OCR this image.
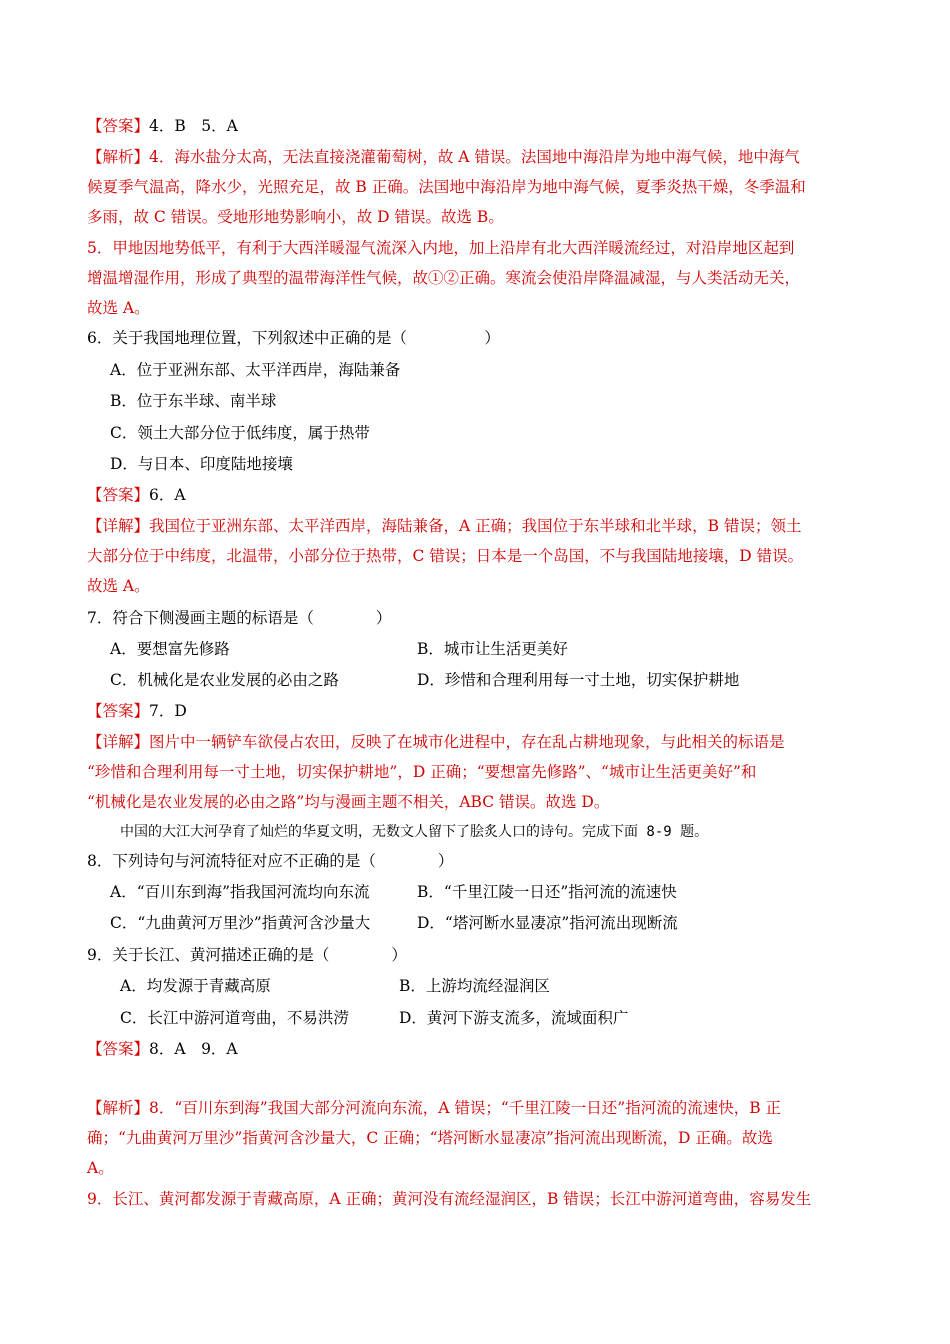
【答案】4．B　5．A
【解析】4．海水盐分太高，无法直接浇灌葡萄树，故 A 错误。法国地中海沿岸为地中海气候，地中海气
候夏季气温高，降水少，光照充足，故 B 正确。法国地中海沿岸为地中海气候，夏季炎热干燥，冬季温和
多雨，故 C 错误。受地形地势影响小，故 D 错误。故选 B。
5．甲地因地势低平，有利于大西洋暖湿气流深入内地，加上沿岸有北大西洋暖流经过，对沿岸地区起到
增温增湿作用，形成了典型的温带海洋性气候，故①②正确。寒流会使沿岸降温减湿，与人类活动无关，
故选 A。
6．关于我国地理位置，下列叙述中正确的是（　　　　　）
A．位于亚洲东部、太平洋西岸，海陆兼备
B．位于东半球、南半球
C．领土大部分位于低纬度，属于热带
D．与日本、印度陆地接壤
【答案】6．A
【详解】我国位于亚洲东部、太平洋西岸，海陆兼备，A 正确；我国位于东半球和北半球，B 错误；领土
大部分位于中纬度，北温带，小部分位于热带，C 错误；日本是一个岛国，不与我国陆地接壤，D 错误。
故选 A。
7．符合下侧漫画主题的标语是（　　　　）
A．要想富先修路	B．城市让生活更美好
C．机械化是农业发展的必由之路	D．珍惜和合理利用每一寸土地，切实保护耕地
【答案】7．D
【详解】图片中一辆铲车欲侵占农田，反映了在城市化进程中，存在乱占耕地现象，与此相关的标语是
“珍惜和合理利用每一寸土地，切实保护耕地”，D 正确；“要想富先修路”、“城市让生活更美好”和
“机械化是农业发展的必由之路”均与漫画主题不相关，ABC 错误。故选 D。
中国的大江大河孕育了灿烂的华夏文明，无数文人留下了脍炙人口的诗句。完成下面 8-9 题。
8．下列诗句与河流特征对应不正确的是（　　　　）
A．“百川东到海”指我国河流均向东流	B．“千里江陵一日还”指河流的流速快
C．“九曲黄河万里沙”指黄河含沙量大	D．“塔河断水显凄凉”指河流出现断流
9．关于长江、黄河描述正确的是（　　　　）
A．均发源于青藏高原	B．上游均流经湿润区
C．长江中游河道弯曲，不易洪涝	D．黄河下游支流多，流域面积广
【答案】8．A　9．A
【解析】8．“百川东到海”我国大部分河流向东流，A 错误；“千里江陵一日还”指河流的流速快，B 正
确；“九曲黄河万里沙”指黄河含沙量大，C 正确；“塔河断水显凄凉”指河流出现断流，D 正确。故选
A。
9．长江、黄河都发源于青藏高原，A 正确；黄河没有流经湿润区，B 错误；长江中游河道弯曲，容易发生
